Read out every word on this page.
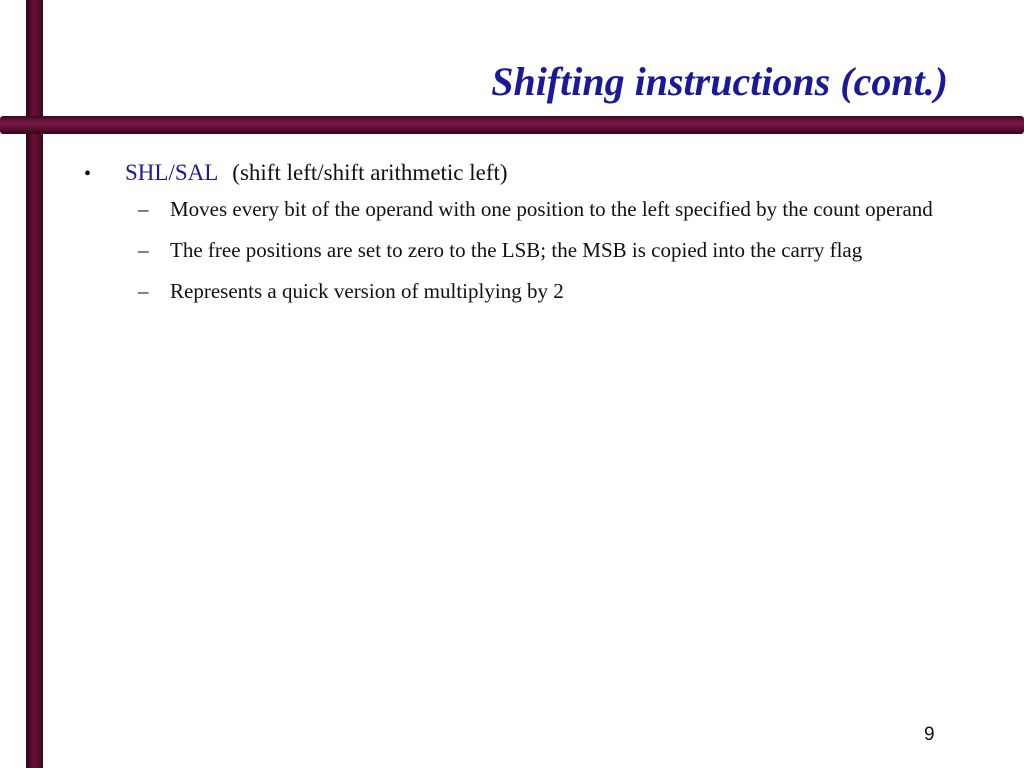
Shifting instructions (cont.)
•	SHL/SAL (shift left/shift arithmetic left)
–	Moves every bit of the operand with one position to the left specified by the count operand
–	The free positions are set to zero to the LSB; the MSB is copied into the carry flag
–	Represents a quick version of multiplying by 2
9
